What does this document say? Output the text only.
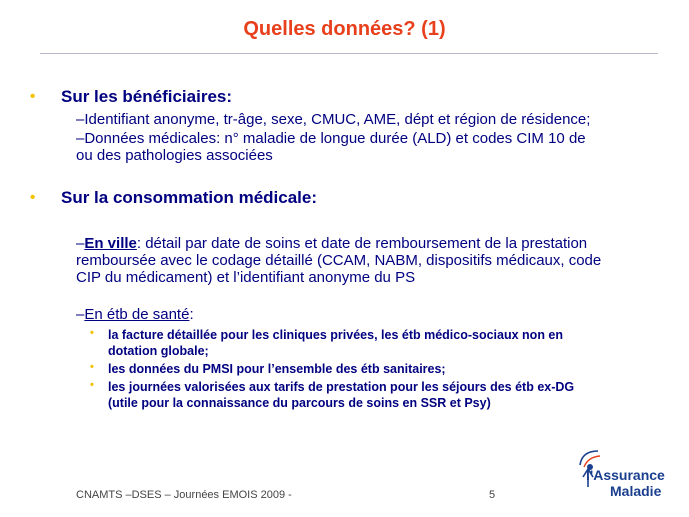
Quelles données? (1)
• Sur les bénéficiaires:
–Identifiant anonyme, tr-âge, sexe, CMUC, AME, dépt et région de résidence;
–Données médicales: n° maladie de longue durée (ALD) et codes CIM 10 de
ou des pathologies associées
• Sur la consommation médicale:
–En ville: détail par date de soins et date de remboursement de la prestation
remboursée avec le codage détaillé (CCAM, NABM, dispositifs médicaux, code
CIP du médicament) et l’identifiant anonyme du PS
–En étb de santé:
• la facture détaillée pour les cliniques privées, les étb médico-sociaux non en
dotation globale;
• les données du PMSI pour l’ensemble des étb sanitaires;
• les journées valorisées aux tarifs de prestation pour les séjours des étb ex-DG
(utile pour la connaissance du parcours de soins en SSR et Psy)
CNAMTS –DSES – Journées EMOIS 2009 -	5
l'Assurance
Maladie
